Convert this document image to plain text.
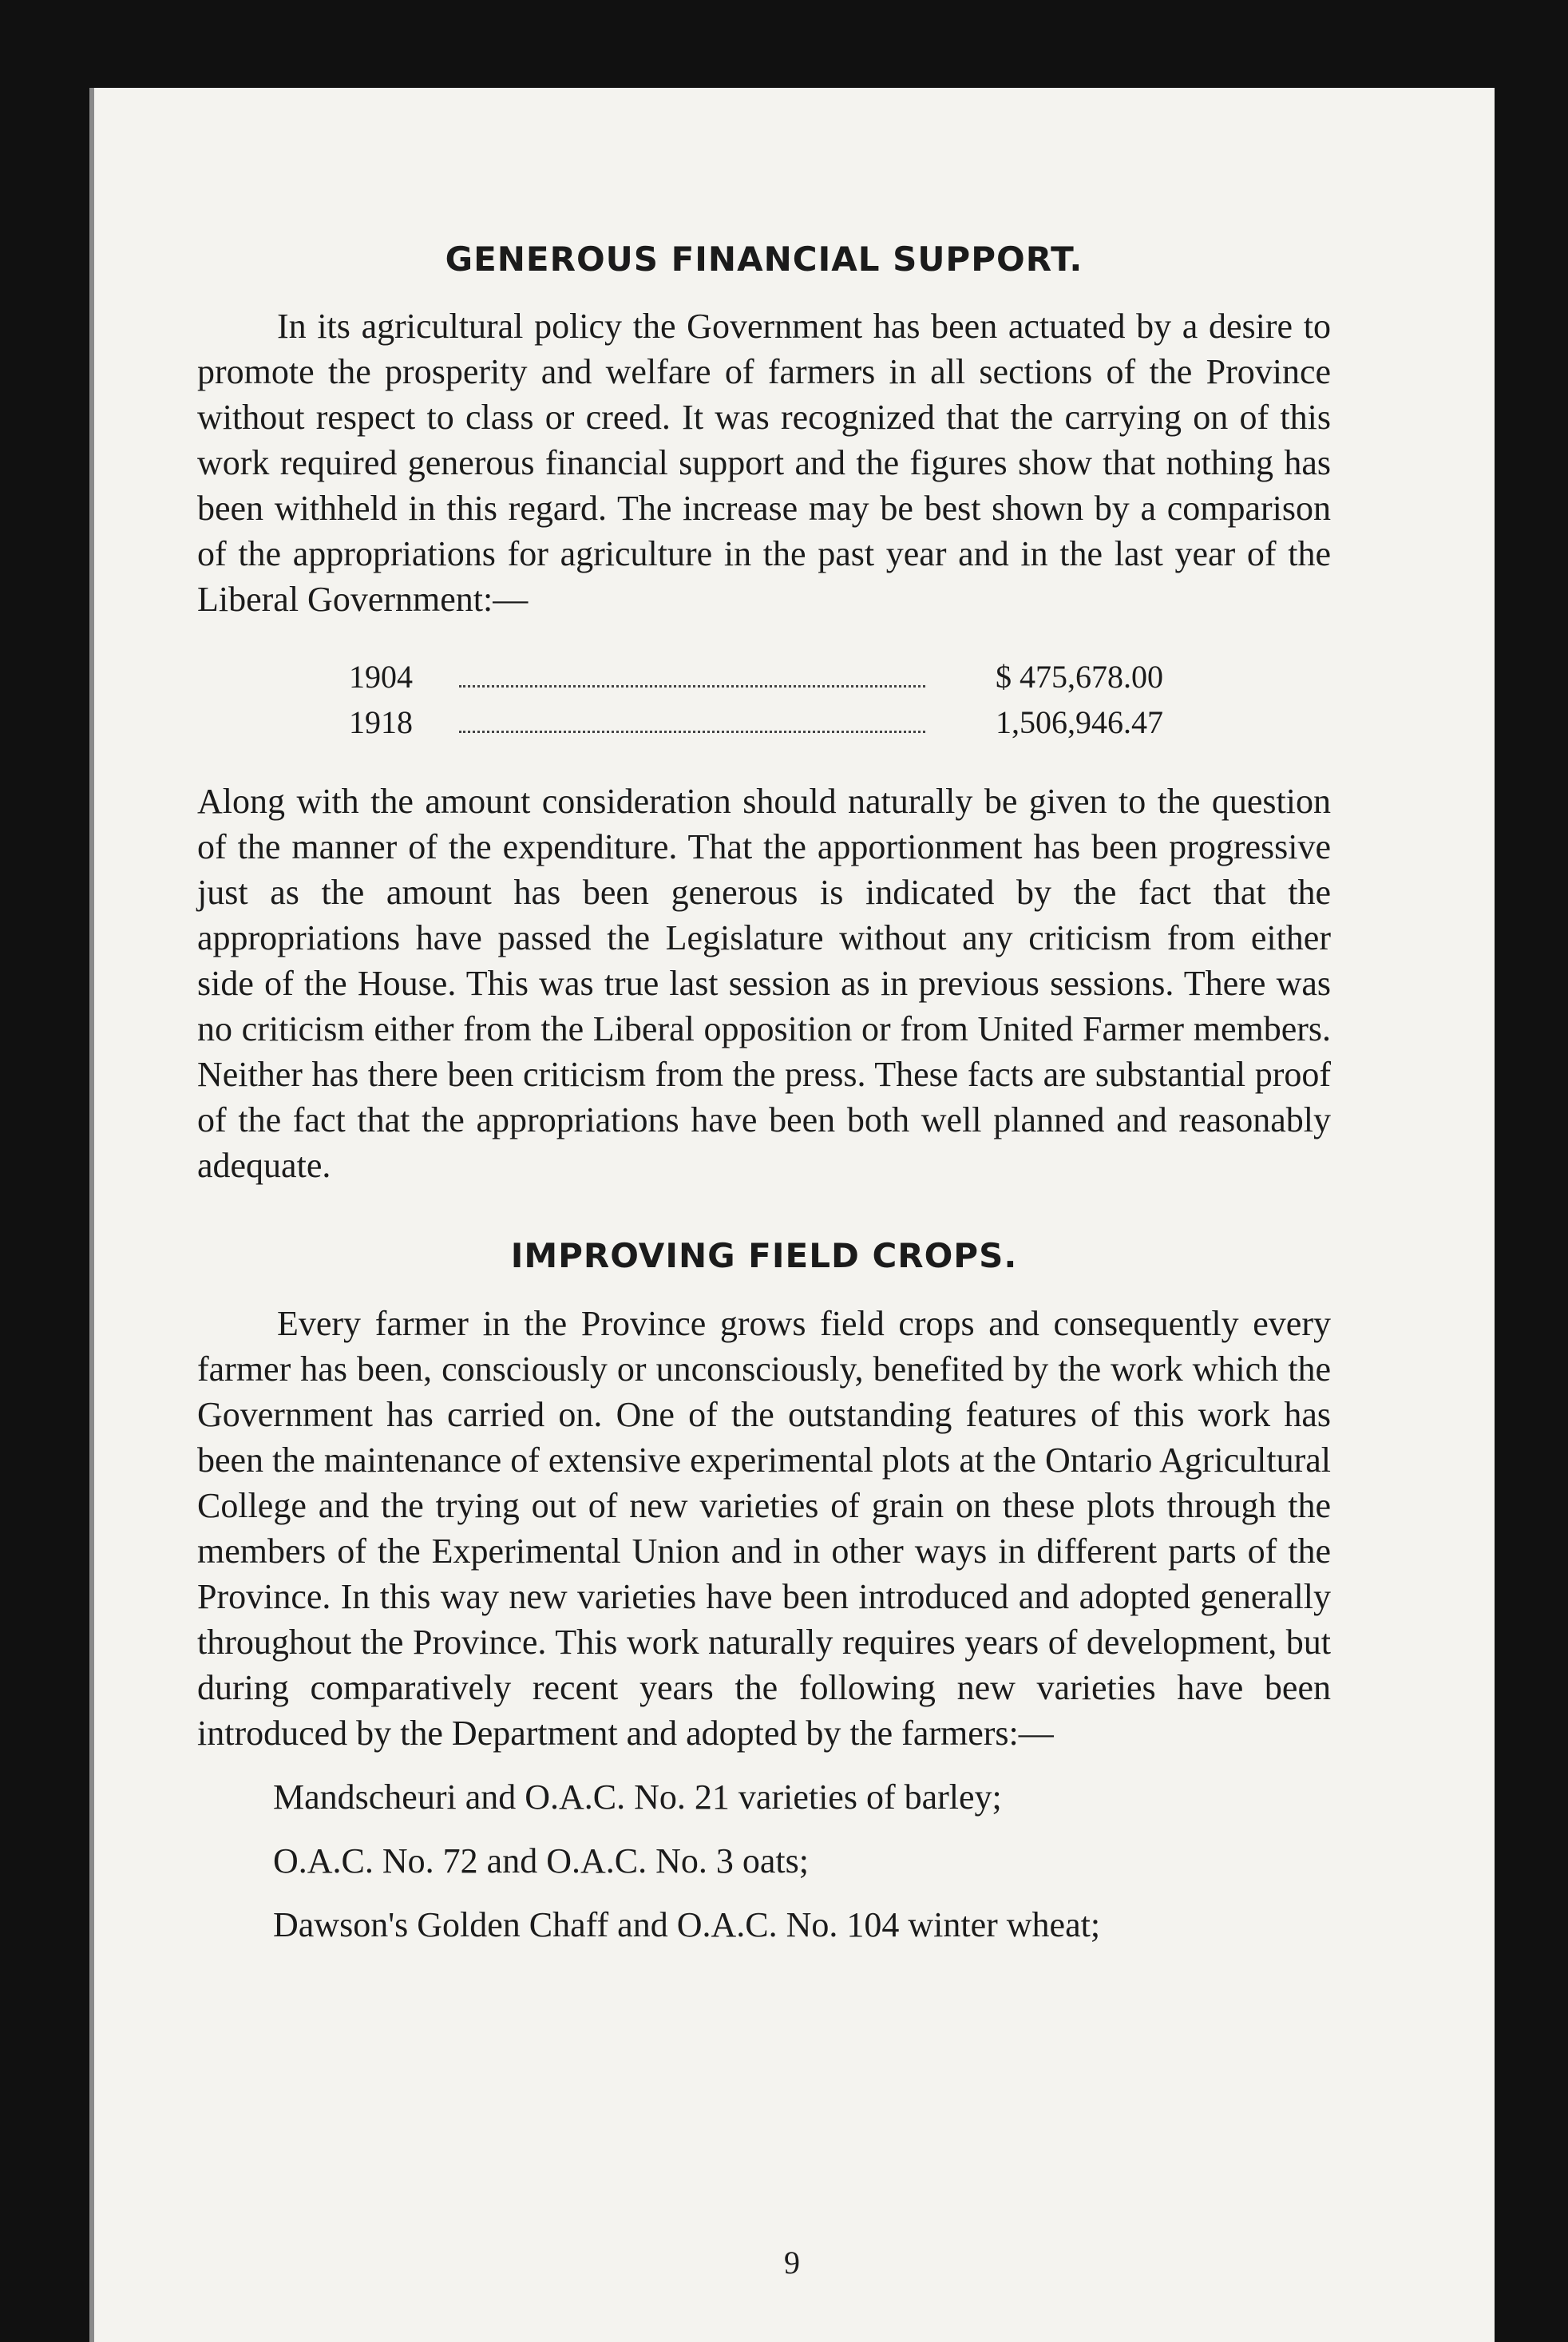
GENEROUS FINANCIAL SUPPORT.

In its agricultural policy the Government has been actuated by a desire to promote the prosperity and welfare of farmers in all sections of the Province without respect to class or creed. It was recognized that the carrying on of this work required generous financial support and the figures show that nothing has been withheld in this regard. The increase may be best shown by a comparison of the appropriations for agriculture in the past year and in the last year of the Liberal Government:—

1904	$ 475,678.00
1918	1,506,946.47

Along with the amount consideration should naturally be given to the question of the manner of the expenditure. That the apportionment has been progressive just as the amount has been generous is indicated by the fact that the appropriations have passed the Legislature without any criticism from either side of the House. This was true last session as in previous sessions. There was no criticism either from the Liberal opposition or from United Farmer members. Neither has there been criticism from the press. These facts are substantial proof of the fact that the appropriations have been both well planned and reasonably adequate.

IMPROVING FIELD CROPS.

Every farmer in the Province grows field crops and consequently every farmer has been, consciously or unconsciously, benefited by the work which the Government has carried on. One of the outstanding features of this work has been the maintenance of extensive experimental plots at the Ontario Agricultural College and the trying out of new varieties of grain on these plots through the members of the Experimental Union and in other ways in different parts of the Province. In this way new varieties have been introduced and adopted generally throughout the Province. This work naturally requires years of development, but during comparatively recent years the following new varieties have been introduced by the Department and adopted by the farmers:—

Mandscheuri and O.A.C. No. 21 varieties of barley;
O.A.C. No. 72 and O.A.C. No. 3 oats;
Dawson's Golden Chaff and O.A.C. No. 104 winter wheat;
9
